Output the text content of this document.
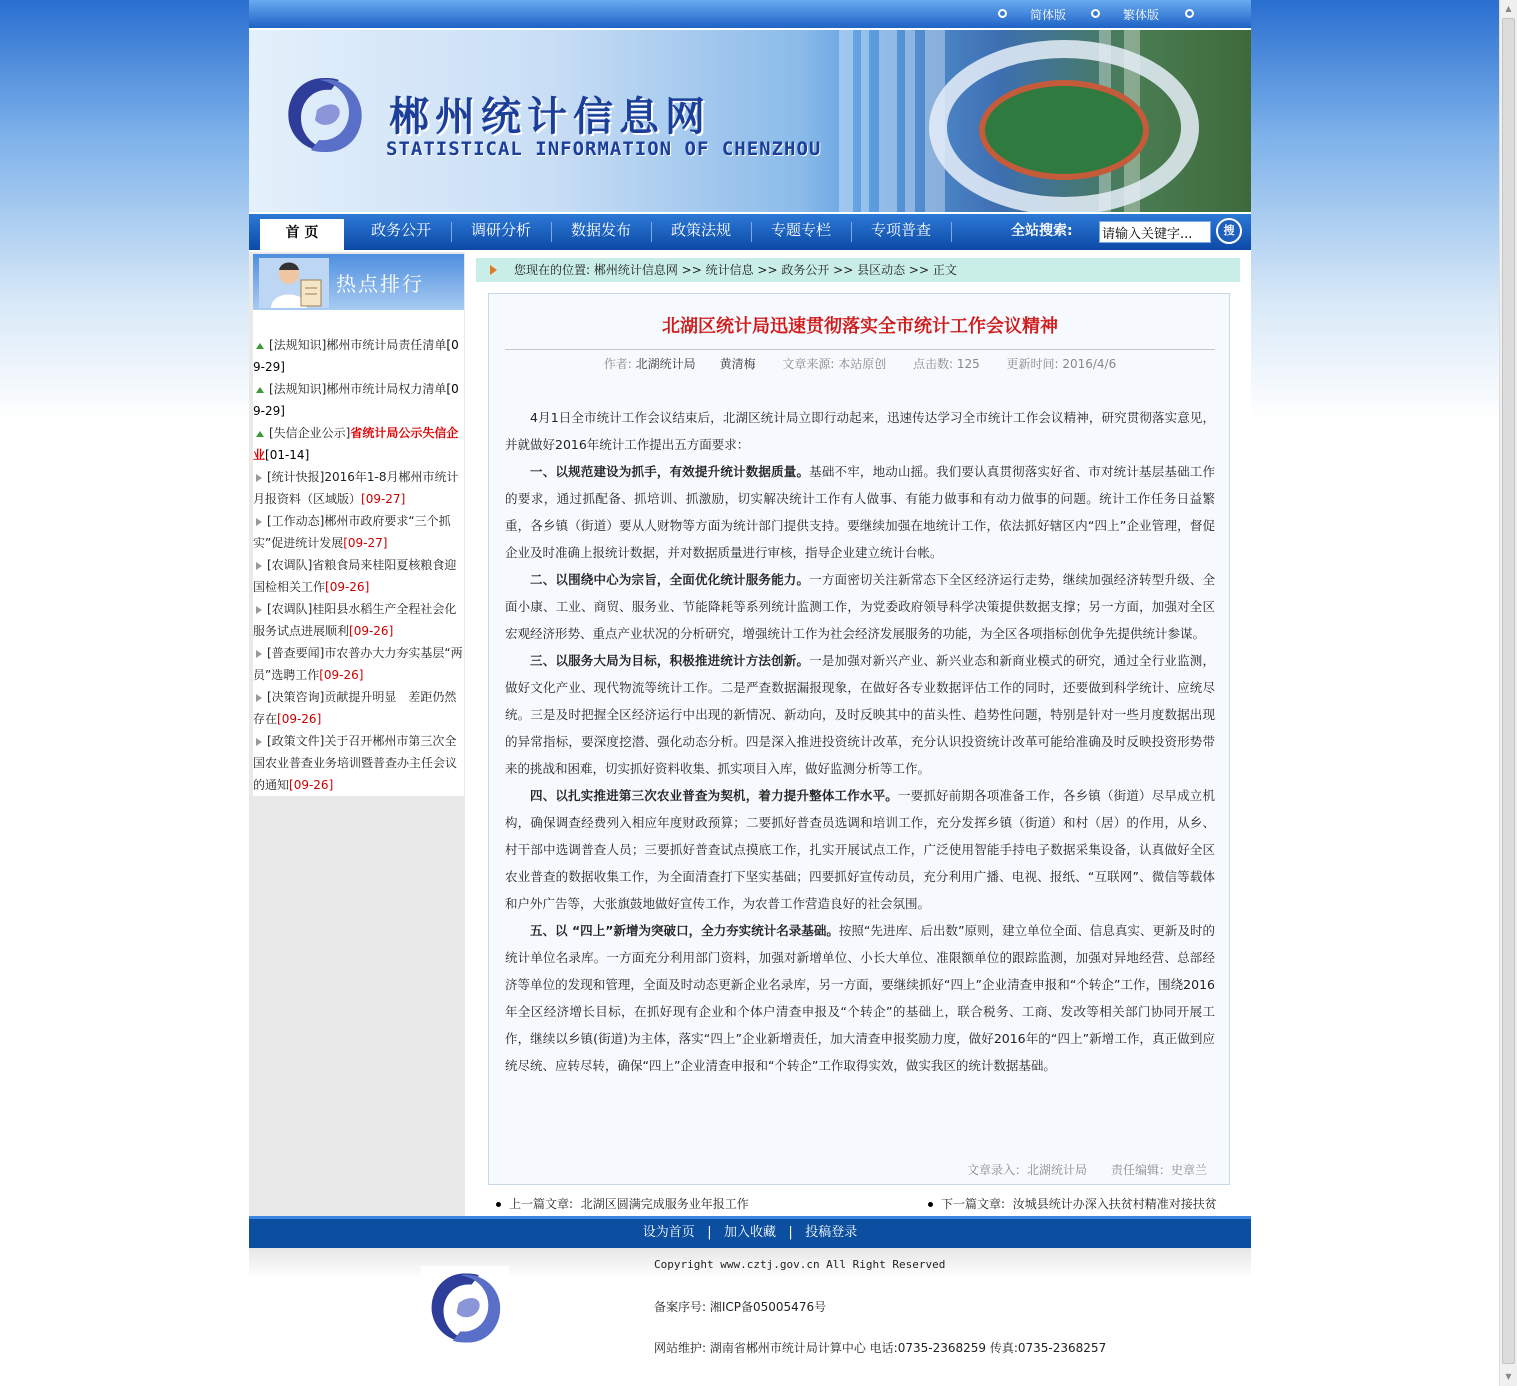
▲
▼
简体版	繁体版
郴州统计信息网
STATISTICAL INFORMATION OF CHENZHOU
首 页	政务公开	调研分析	数据发布	政策法规	专题专栏	专项普查	全站搜索:
请输入关键字...	搜
热点排行
[法规知识]郴州市统计局责任清单[09-29]
[法规知识]郴州市统计局权力清单[09-29]
[失信企业公示]省统计局公示失信企业[01-14]
[统计快报]2016年1-8月郴州市统计月报资料（区域版）[09-27]
[工作动态]郴州市政府要求“三个抓实”促进统计发展[09-27]
[农调队]省粮食局来桂阳夏核粮食迎国检相关工作[09-26]
[农调队]桂阳县水稻生产全程社会化服务试点进展顺利[09-26]
[普查要闻]市农普办大力夯实基层“两员”选聘工作[09-26]
[决策咨询]贡献提升明显　差距仍然存在[09-26]
[政策文件]关于召开郴州市第三次全国农业普查业务培训暨普查办主任会议的通知[09-26]
您现在的位置: 郴州统计信息网 >> 统计信息 >> 政务公开 >> 县区动态 >> 正文
北湖区统计局迅速贯彻落实全市统计工作会议精神
作者: 北湖统计局　　黄清梅 文章来源: 本站原创 点击数: 125 更新时间: 2016/4/6

4月1日全市统计工作会议结束后，北湖区统计局立即行动起来，迅速传达学习全市统计工作会议精神，研究贯彻落实意见，并就做好2016年统计工作提出五方面要求：

一、以规范建设为抓手，有效提升统计数据质量。基础不牢，地动山摇。我们要认真贯彻落实好省、市对统计基层基础工作的要求，通过抓配备、抓培训、抓激励，切实解决统计工作有人做事、有能力做事和有动力做事的问题。统计工作任务日益繁重，各乡镇（街道）要从人财物等方面为统计部门提供支持。要继续加强在地统计工作，依法抓好辖区内“四上”企业管理，督促企业及时准确上报统计数据，并对数据质量进行审核，指导企业建立统计台帐。

二、以围绕中心为宗旨，全面优化统计服务能力。一方面密切关注新常态下全区经济运行走势，继续加强经济转型升级、全面小康、工业、商贸、服务业、节能降耗等系列统计监测工作，为党委政府领导科学决策提供数据支撑；另一方面，加强对全区宏观经济形势、重点产业状况的分析研究，增强统计工作为社会经济发展服务的功能，为全区各项指标创优争先提供统计参谋。

三、以服务大局为目标，积极推进统计方法创新。一是加强对新兴产业、新兴业态和新商业模式的研究，通过全行业监测，做好文化产业、现代物流等统计工作。二是严查数据漏报现象，在做好各专业数据评估工作的同时，还要做到科学统计、应统尽统。三是及时把握全区经济运行中出现的新情况、新动向，及时反映其中的苗头性、趋势性问题，特别是针对一些月度数据出现的异常指标，要深度挖潜、强化动态分析。四是深入推进投资统计改革，充分认识投资统计改革可能给准确及时反映投资形势带来的挑战和困难，切实抓好资料收集、抓实项目入库，做好监测分析等工作。

四、以扎实推进第三次农业普查为契机，着力提升整体工作水平。一要抓好前期各项准备工作，各乡镇（街道）尽早成立机构，确保调查经费列入相应年度财政预算；二要抓好普查员选调和培训工作，充分发挥乡镇（街道）和村（居）的作用，从乡、村干部中选调普查人员；三要抓好普查试点摸底工作，扎实开展试点工作，广泛使用智能手持电子数据采集设备，认真做好全区农业普查的数据收集工作，为全面清查打下坚实基础；四要抓好宣传动员，充分利用广播、电视、报纸、“互联网”、微信等载体和户外广告等，大张旗鼓地做好宣传工作，为农普工作营造良好的社会氛围。

五、以 “四上”新增为突破口，全力夯实统计名录基础。按照“先进库、后出数”原则，建立单位全面、信息真实、更新及时的统计单位名录库。一方面充分利用部门资料，加强对新增单位、小长大单位、准限额单位的跟踪监测，加强对异地经营、总部经济等单位的发现和管理，全面及时动态更新企业名录库，另一方面，要继续抓好“四上”企业清查申报和“个转企”工作，围绕2016年全区经济增长目标，在抓好现有企业和个体户清查申报及“个转企”的基础上，联合税务、工商、发改等相关部门协同开展工作，继续以乡镇(街道)为主体，落实“四上”企业新增责任，加大清查申报奖励力度，做好2016年的“四上”新增工作，真正做到应统尽统、应转尽转，确保“四上”企业清查申报和“个转企”工作取得实效，做实我区的统计数据基础。

文章录入：北湖统计局　　责任编辑：史章兰
上一篇文章: 北湖区圆满完成服务业年报工作	下一篇文章: 汝城县统计办深入扶贫村精准对接扶贫
设为首页   |   加入收藏   |   投稿登录
Copyright www.cztj.gov.cn All Right Reserved
备案序号: 湘ICP备05005476号
网站维护: 湖南省郴州市统计局计算中心 电话:0735-2368259 传真:0735-2368257
